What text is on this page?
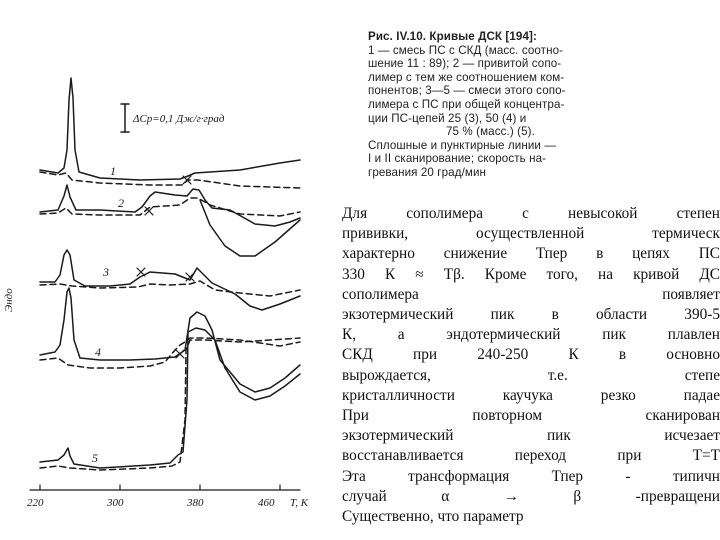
ΔCp=0,1 Дж/г·град
Эндо
1
2
3
4
5
220	300	380	460 T, K
Рис. IV.10. Кривые ДСК [194]:
1 — смесь ПС с СКД (масс. соотно-
шение 11 : 89); 2 — привитой сопо-
лимер с тем же соотношением ком-
понентов; 3—5 — смеси этого сопо-
лимера с ПС при общей концентра-
ции ПС-цепей 25 (3), 50 (4) и
75 % (масс.) (5).
Сплошные и пунктирные линии —
I и II сканирование; скорость на-
гревания 20 град/мин
Для сополимера с невысокой степен
прививки, осуществленной термическ
характерно снижение Тпер в цепях ПС
330 К ≈ Tβ. Кроме того, на кривой ДС
сополимера появляет
экзотермический пик в области 390-5
К, а эндотермический пик плавлен
СКД при 240-250 К в основно
вырождается, т.е. степе
кристалличности каучука резко падае
При повторном сканирован
экзотермический пик исчезает
восстанавливается переход при Т=Т
Эта трансформация Тпер - типичн
случай α → β -превращени
Существенно, что параметр
